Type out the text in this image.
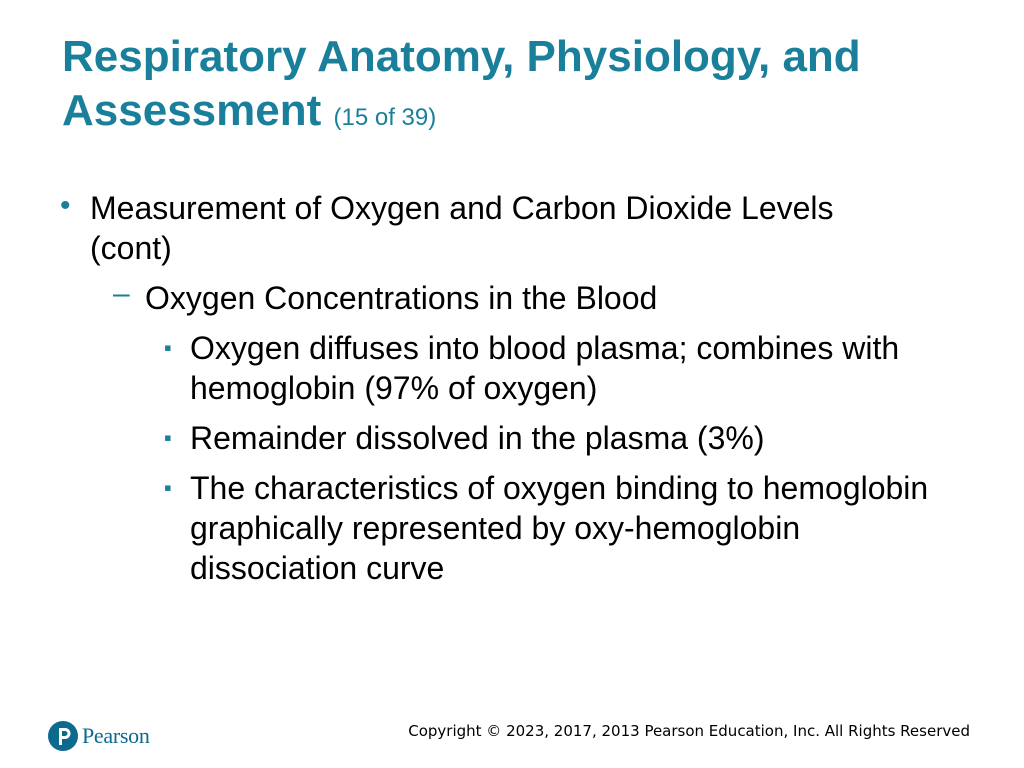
Respiratory Anatomy, Physiology, and Assessment (15 of 39)
• Measurement of Oxygen and Carbon Dioxide Levels (cont)
– Oxygen Concentrations in the Blood
▪ Oxygen diffuses into blood plasma; combines with hemoglobin (97% of oxygen)
▪ Remainder dissolved in the plasma (3%)
▪ The characteristics of oxygen binding to hemoglobin graphically represented by oxy-hemoglobin dissociation curve
Pearson	Copyright © 2023, 2017, 2013 Pearson Education, Inc. All Rights Reserved
